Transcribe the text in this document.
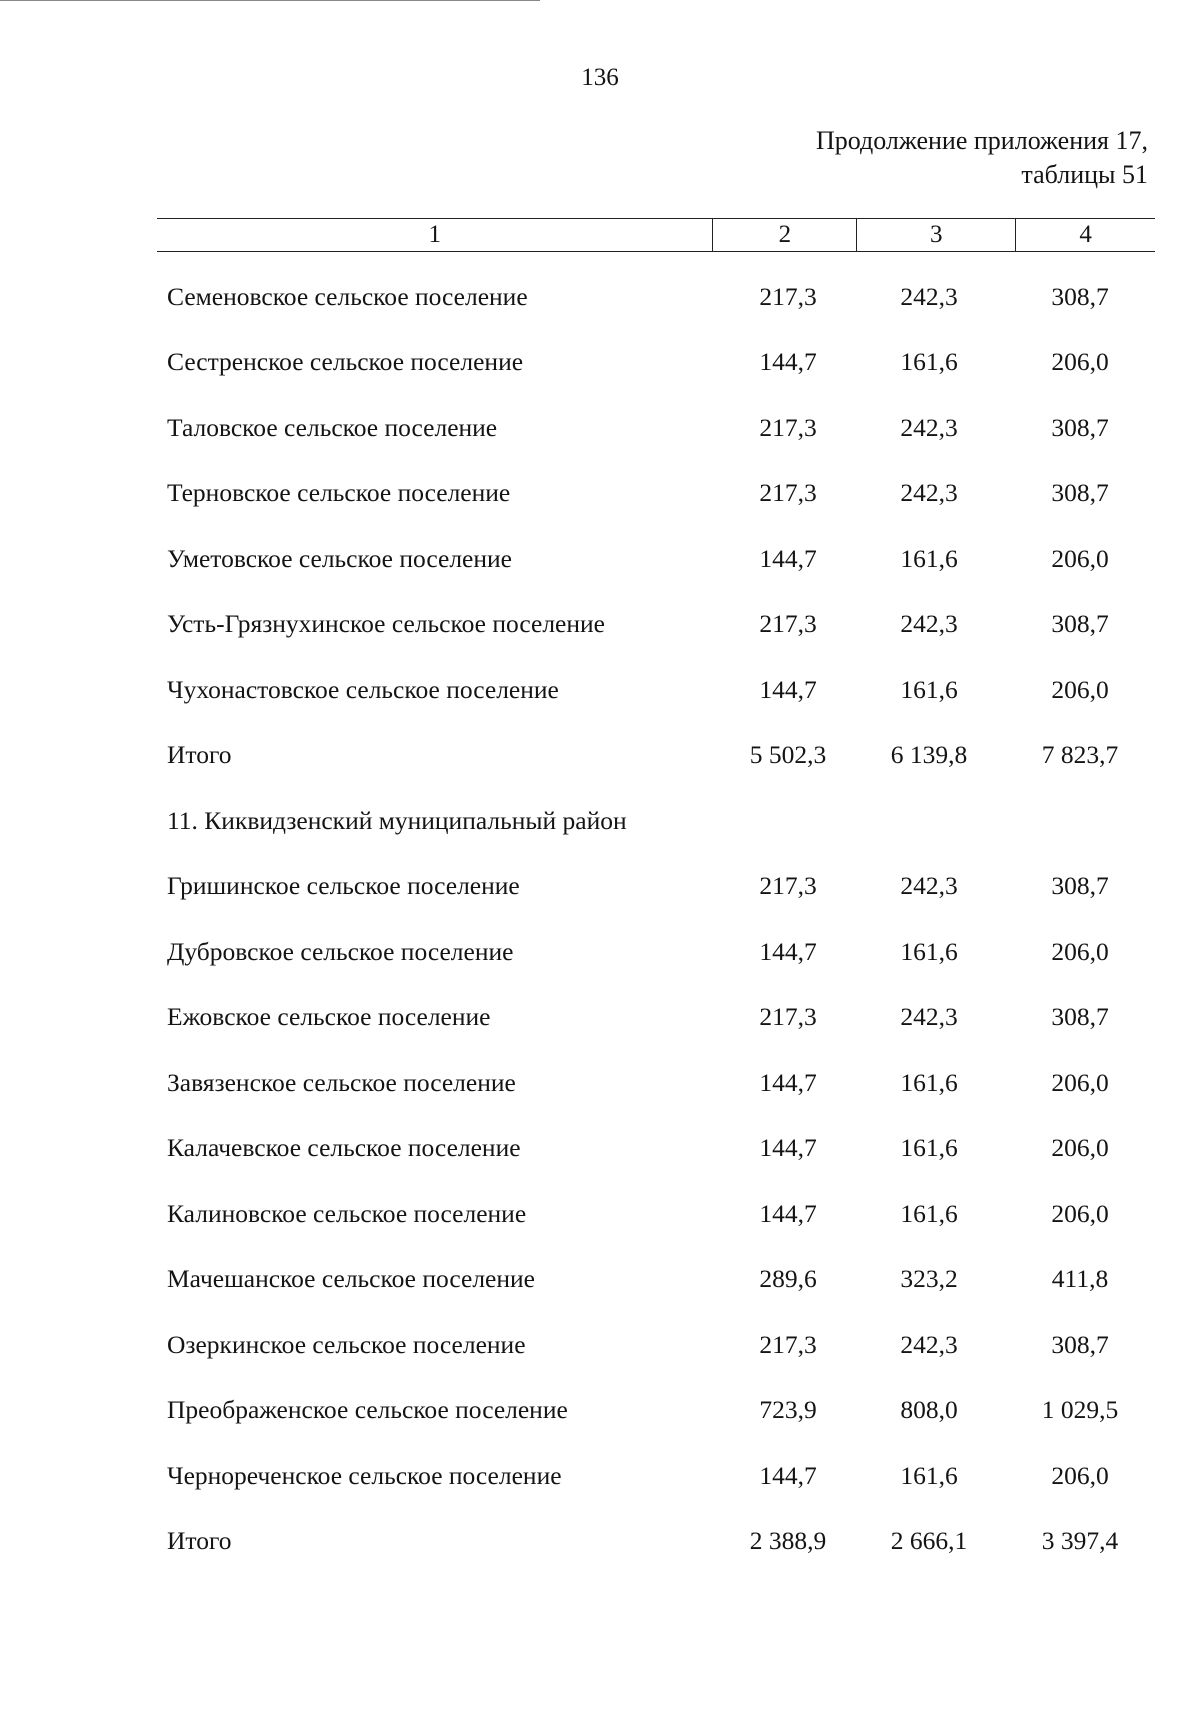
136
Продолжение приложения 17,
таблицы 51
1	2	3	4
Семеновское сельское поселение	217,3	242,3	308,7
Сестренское сельское поселение	144,7	161,6	206,0
Таловское сельское поселение	217,3	242,3	308,7
Терновское сельское поселение	217,3	242,3	308,7
Уметовское сельское поселение	144,7	161,6	206,0
Усть-Грязнухинское сельское поселение	217,3	242,3	308,7
Чухонастовское сельское поселение	144,7	161,6	206,0
Итого	5 502,3	6 139,8	7 823,7
11. Киквидзенский муниципальный район
Гришинское сельское поселение	217,3	242,3	308,7
Дубровское сельское поселение	144,7	161,6	206,0
Ежовское сельское поселение	217,3	242,3	308,7
Завязенское сельское поселение	144,7	161,6	206,0
Калачевское сельское поселение	144,7	161,6	206,0
Калиновское сельское поселение	144,7	161,6	206,0
Мачешанское сельское поселение	289,6	323,2	411,8
Озеркинское сельское поселение	217,3	242,3	308,7
Преображенское сельское поселение	723,9	808,0	1 029,5
Чернореченское сельское поселение	144,7	161,6	206,0
Итого	2 388,9	2 666,1	3 397,4
